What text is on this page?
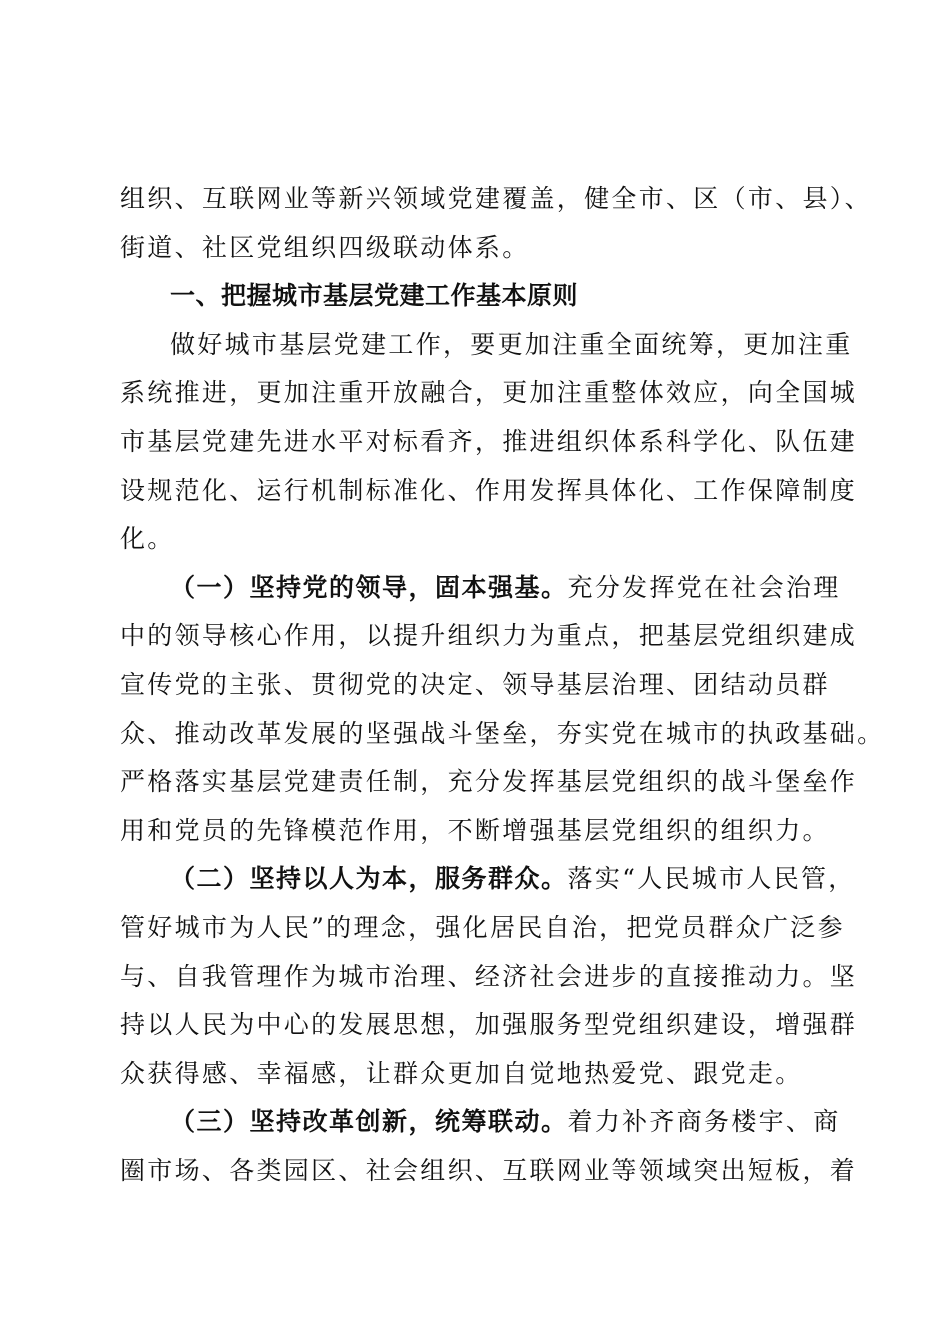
组织、互联网业等新兴领域党建覆盖，健全市、区（市、县）、
街道、社区党组织四级联动体系。
一、把握城市基层党建工作基本原则
做好城市基层党建工作，要更加注重全面统筹，更加注重
系统推进，更加注重开放融合，更加注重整体效应，向全国城
市基层党建先进水平对标看齐，推进组织体系科学化、队伍建
设规范化、运行机制标准化、作用发挥具体化、工作保障制度
化。
（一）坚持党的领导，固本强基。充分发挥党在社会治理
中的领导核心作用，以提升组织力为重点，把基层党组织建成
宣传党的主张、贯彻党的决定、领导基层治理、团结动员群
众、推动改革发展的坚强战斗堡垒，夯实党在城市的执政基础。
严格落实基层党建责任制，充分发挥基层党组织的战斗堡垒作
用和党员的先锋模范作用，不断增强基层党组织的组织力。
（二）坚持以人为本，服务群众。落实“人民城市人民管，
管好城市为人民”的理念，强化居民自治，把党员群众广泛参
与、自我管理作为城市治理、经济社会进步的直接推动力。坚
持以人民为中心的发展思想，加强服务型党组织建设，增强群
众获得感、幸福感，让群众更加自觉地热爱党、跟党走。
（三）坚持改革创新，统筹联动。着力补齐商务楼宇、商
圈市场、各类园区、社会组织、互联网业等领域突出短板，着
